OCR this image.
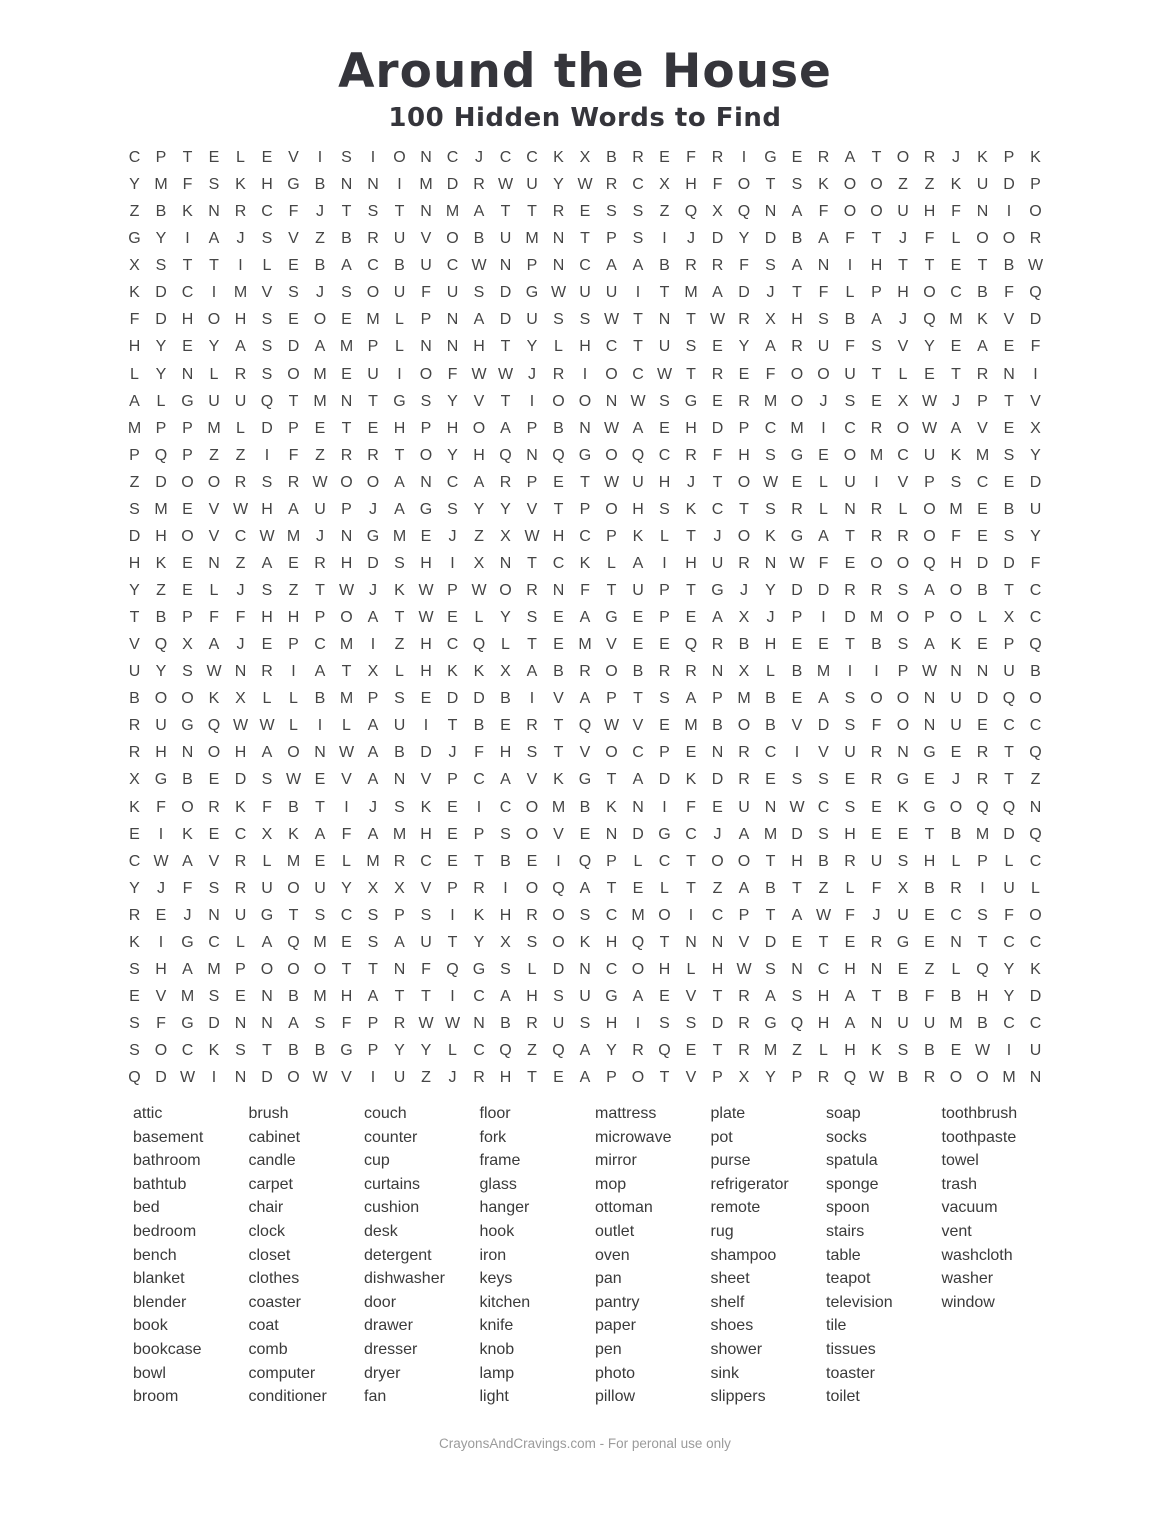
Around the House
100 Hidden Words to Find
C P	T	E	L	E V	I	S	I	O N C	J	C C K X B R E	F R	I	G E R A	T O R	J	K P K
Y M F	S K H G B N N	I	M D R W U Y W R C X H F O T	S K O O Z	Z	K U D P
Z	B K N R C F	J	T	S	T N M A	T	T R E S S	Z Q X Q N A	F O O U H F N	I	O
G Y	I	A	J	S V	Z	B R U V O B U M N T	P S	I	J	D Y D B A	F	T	J	F	L O O R
X S	T	T	I	L	E B A C B U C W N P N C A A B R R F	S A N	I	H T	T	E	T	B W
K D C	I	M V S	J	S O U F U S D G W U U	I	T M A D	J	T	F	L	P H O C B	F Q
F D H O H S E O E M L	P N A D U S S W T N T W R X H S B A	J	Q M K V D
H Y E Y A S D A M P	L	N N H T	Y	L	H C T U S E Y A R U F	S V Y E A E	F
L	Y N	L	R S O M E U	I	O F W W J	R	I	O C W T R E	F O O U T	L	E	T R N	I
A	L G U U Q T M N T G S Y V	T	I	O O N W S G E R M O	J	S E X W J	P	T	V
M P P M L	D P E	T	E H P H O A P B N W A E H D P C M	I	C R O W A V E X
P Q P	Z	Z	I	F	Z R R T O Y H Q N Q G O Q C R F H S G E O M C U K M S Y
Z D O O R S R W O O A N C A R P E	T W U H	J	T O W E	L	U	I	V P S C E D
S M E V W H A U P	J	A G S Y Y V	T	P O H S K C T	S R	L	N R	L O M E B U
D H O V C W M J	N G M E	J	Z	X W H C P K	L	T	J	O K G A	T R R O F	E S Y
H K E N Z	A E R H D S H	I	X N T C K	L	A	I	H U R N W F	E O O Q H D D F
Y	Z	E	L	J	S	Z	T W J	K W P W O R N F	T U P	T G	J	Y D D R R S A O B	T C
T	B P	F	F H H P O A	T W E	L	Y S E A G E P E A X	J	P	I	D M O P O L	X C
V Q X A	J	E P C M	I	Z H C Q L	T	E M V E E Q R B H E E	T	B S A K E P Q
U Y S W N R	I	A	T	X	L	H K K X A B R O B R R N X	L	B M	I	I	P W N N U B
B O O K X	L	L	B M P S E D D B	I	V A P	T	S A P M B E A S O O N U D Q O
R U G Q W W L	I	L	A U	I	T	B E R T Q W V E M B O B V D S	F O N U E C C
R H N O H A O N W A B D	J	F H S	T	V O C P E N R C	I	V U R N G E R T Q
X G B E D S W E V A N V P C A V K G T	A D K D R E S S E R G E	J	R T	Z
K	F O R K	F	B	T	I	J	S K E	I	C O M B K N	I	F	E U N W C S E K G O Q Q N
E	I	K E C X K A	F	A M H E P S O V E N D G C	J	A M D S H E E	T	B M D Q
C W A V R	L M E	L M R C E	T	B E	I	Q P	L	C T O O T H B R U S H	L	P	L	C
Y	J	F	S R U O U Y X X V P R	I	O Q A	T	E	L	T	Z	A B	T	Z	L	F	X B R	I	U	L
R E	J	N U G T	S C S P S	I	K H R O S C M O	I	C P	T	A W F	J	U E C S	F O
K	I	G C	L	A Q M E S A U T	Y X S O K H Q T N N V D E	T	E R G E N T C C
S H A M P O O O T	T N F Q G S	L	D N C O H	L	H W S N C H N E	Z	L Q Y K
E V M S E N B M H A	T	T	I	C A H S U G A E V	T R A S H A	T	B	F	B H Y D
S	F G D N N A S	F	P R W W N B R U S H	I	S S D R G Q H A N U U M B C C
S O C K S	T	B B G P Y Y	L	C Q Z Q A Y R Q E	T R M Z	L	H K S B E W	I	U
Q D W	I	N D O W V	I	U Z	J	R H T	E A P O T	V P X Y P R Q W B R O O M N
attic
basement
bathroom
bathtub
bed
bedroom
bench
blanket
blender
book
bookcase
bowl
broom
brush
cabinet
candle
carpet
chair
clock
closet
clothes
coaster
coat
comb
computer
conditioner
couch
counter
cup
curtains
cushion
desk
detergent
dishwasher
door
drawer
dresser
dryer
fan
floor
fork
frame
glass
hanger
hook
iron
keys
kitchen
knife
knob
lamp
light
mattress
microwave
mirror
mop
ottoman
outlet
oven
pan
pantry
paper
pen
photo
pillow
plate
pot
purse
refrigerator
remote
rug
shampoo
sheet
shelf
shoes
shower
sink
slippers
soap
socks
spatula
sponge
spoon
stairs
table
teapot
television
tile
tissues
toaster
toilet
toothbrush
toothpaste
towel
trash
vacuum
vent
washcloth
washer
window
CrayonsAndCravings.com - For peronal use only
